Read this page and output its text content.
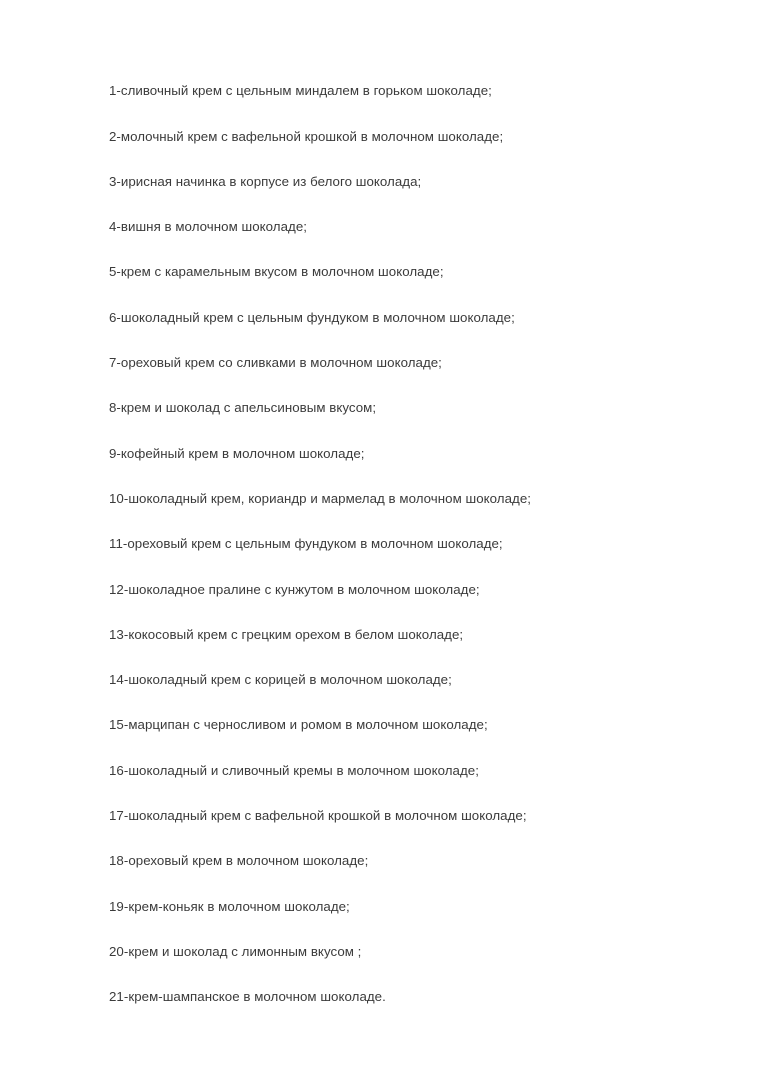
1-сливочный крем с цельным миндалем в горьком шоколаде;

2-молочный крем с вафельной крошкой в молочном шоколаде;

3-ирисная начинка в корпусе из белого шоколада;

4-вишня в молочном шоколаде;

5-крем с карамельным вкусом в молочном шоколаде;

6-шоколадный крем с цельным фундуком в молочном шоколаде;

7-ореховый крем со сливками в молочном шоколаде;

8-крем и шоколад с апельсиновым вкусом;

9-кофейный крем в молочном шоколаде;

10-шоколадный крем, кориандр и мармелад в молочном шоколаде;

11-ореховый крем с цельным фундуком в молочном шоколаде;

12-шоколадное пралине с кунжутом в молочном шоколаде;

13-кокосовый крем с грецким орехом в белом шоколаде;

14-шоколадный крем с корицей в молочном шоколаде;

15-марципан с черносливом и ромом в молочном шоколаде;

16-шоколадный и сливочный кремы в молочном шоколаде;

17-шоколадный крем с вафельной крошкой в молочном шоколаде;

18-ореховый крем в молочном шоколаде;

19-крем-коньяк в молочном шоколаде;

20-крем и шоколад с лимонным вкусом ;

21-крем-шампанское в молочном шоколаде.
